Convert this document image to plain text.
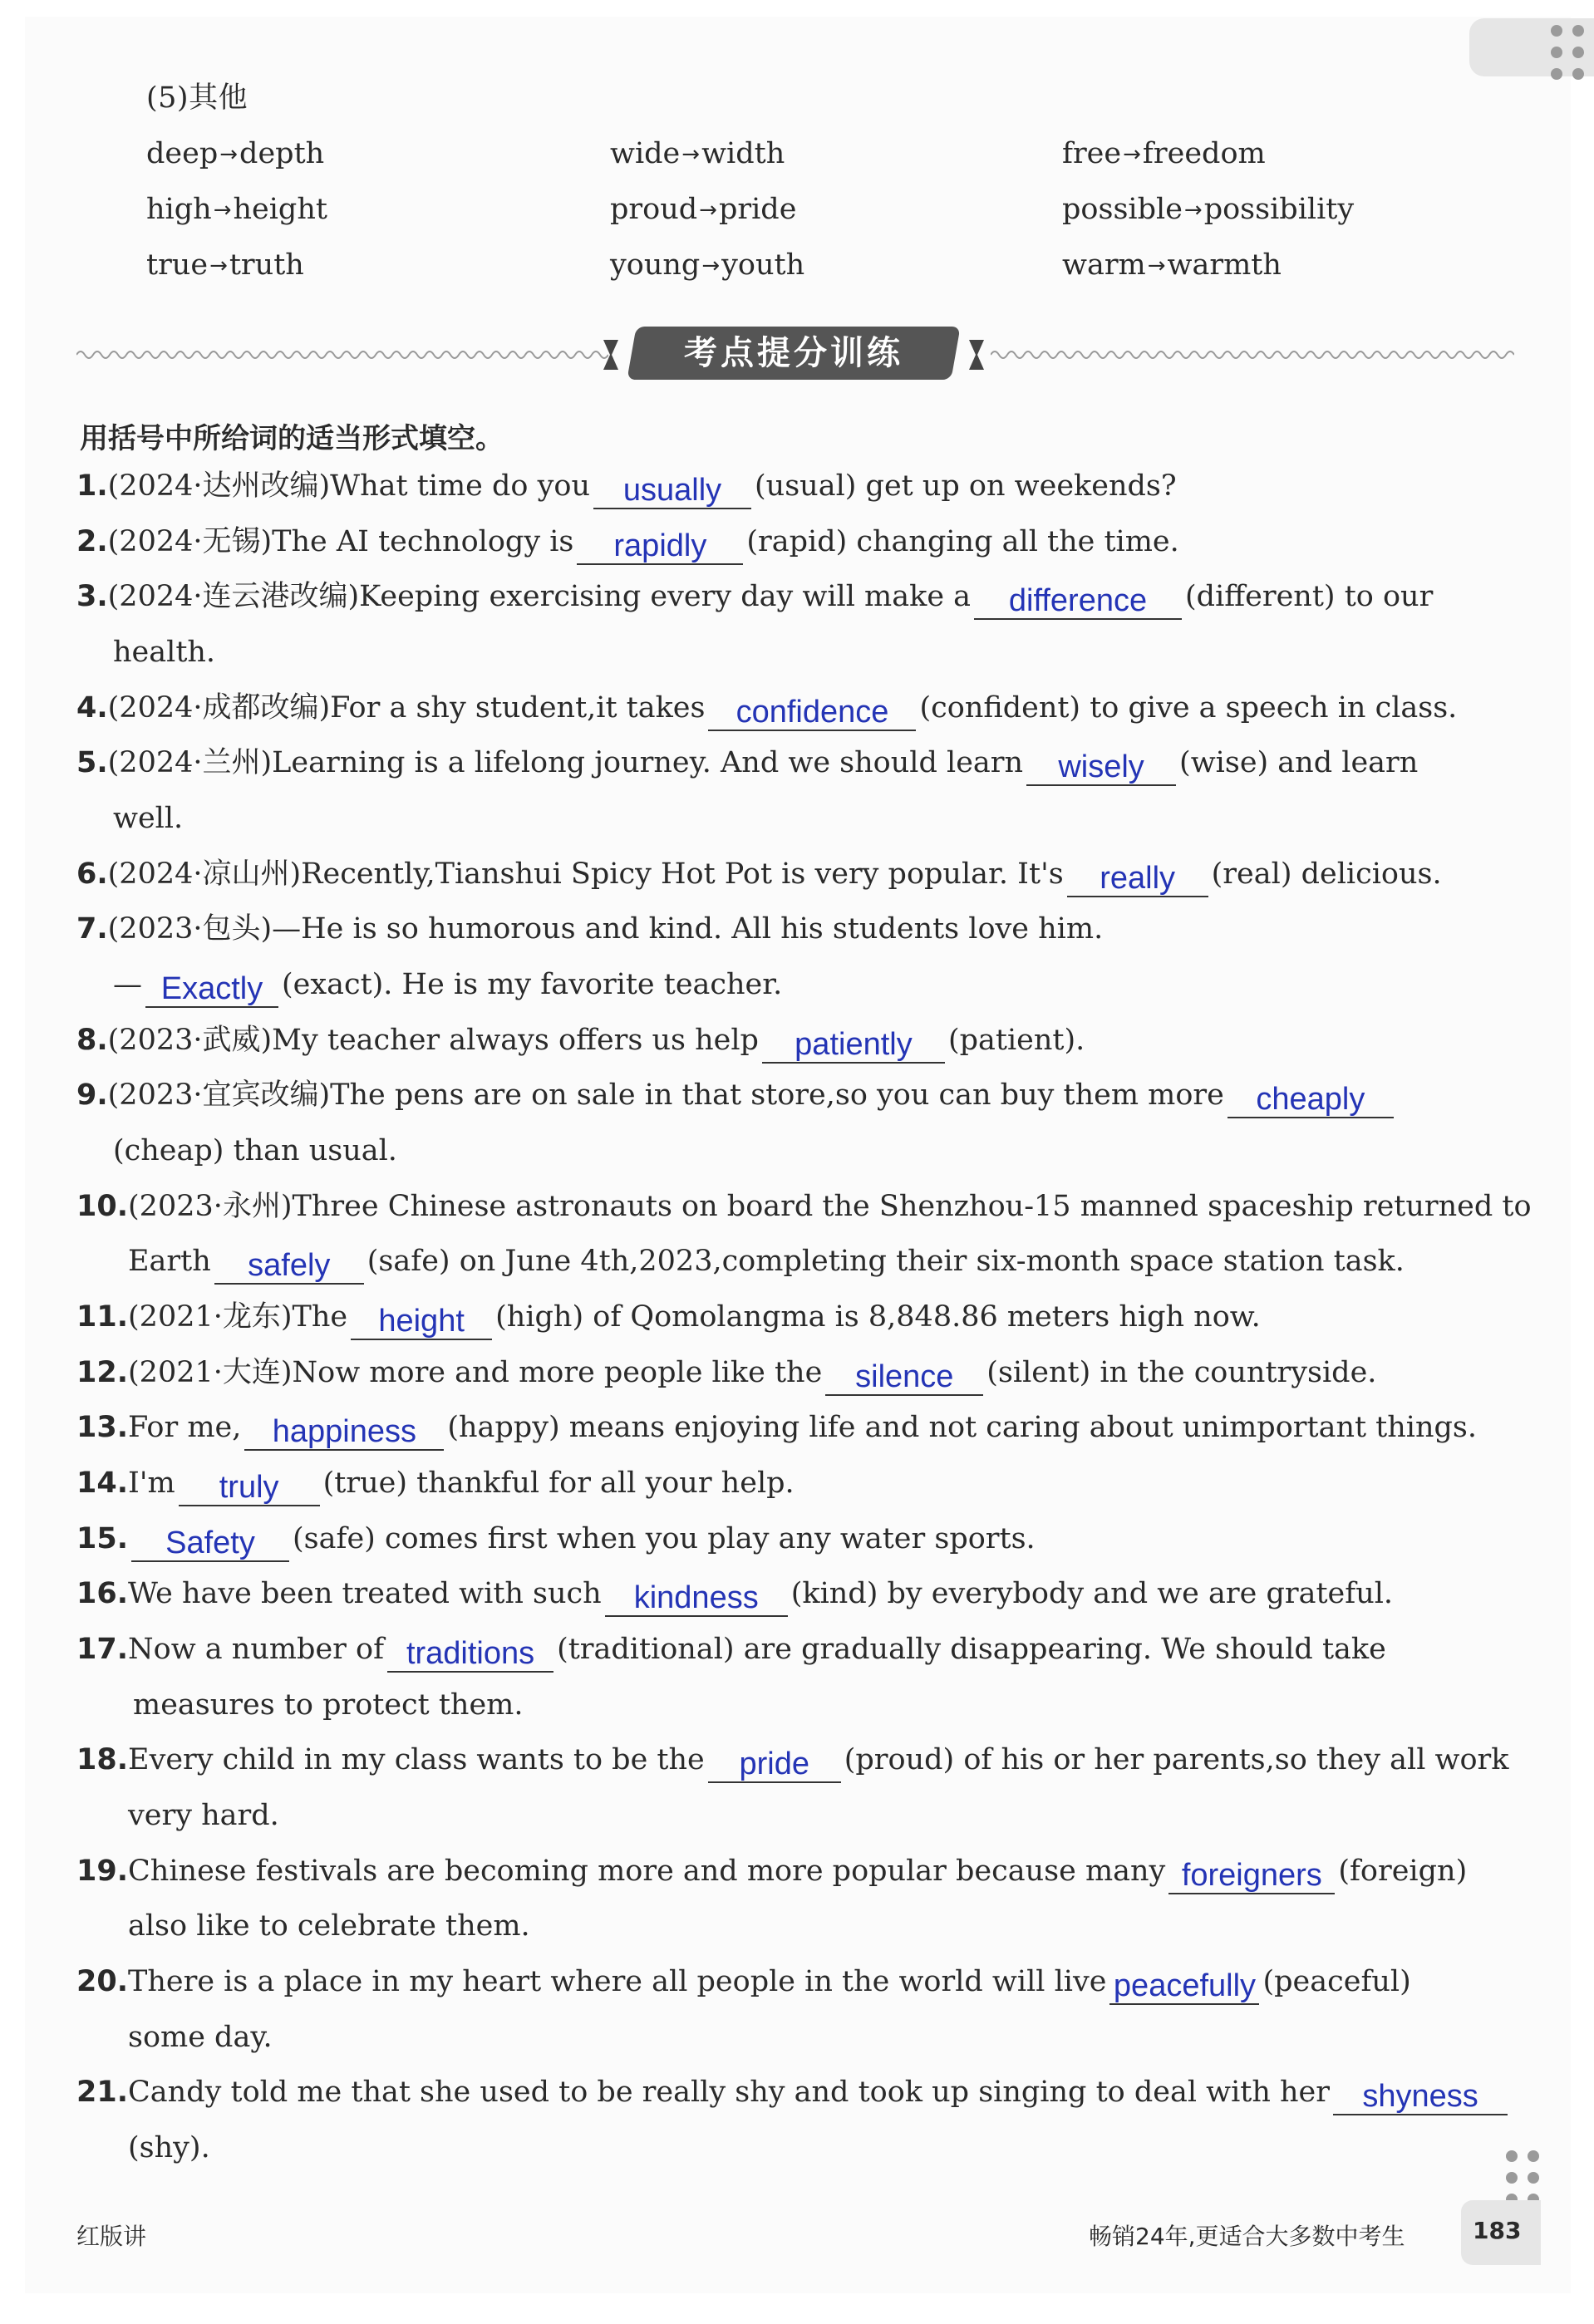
(5)其他
deep→depth	wide→width	free→freedom
high→height	proud→pride	possible→possibility
true→truth	young→youth	warm→warmth
考点提分训练
用括号中所给词的适当形式填空。
1.(2024·达州改编)What time do you usually (usual) get up on weekends?
2.(2024·无锡)The AI technology is rapidly (rapid) changing all the time.
3.(2024·连云港改编)Keeping exercising every day will make a difference (different) to our
health.
4.(2024·成都改编)For a shy student,it takes confidence (confident) to give a speech in class.
5.(2024·兰州)Learning is a lifelong journey. And we should learn wisely (wise) and learn
well.
6.(2024·凉山州)Recently,Tianshui Spicy Hot Pot is very popular. It's really (real) delicious.
7.(2023·包头)—He is so humorous and kind. All his students love him.
— Exactly (exact). He is my favorite teacher.
8.(2023·武威)My teacher always offers us help patiently (patient).
9.(2023·宜宾改编)The pens are on sale in that store,so you can buy them more cheaply
(cheap) than usual.
10.(2023·永州)Three Chinese astronauts on board the Shenzhou-15 manned spaceship returned to
Earth safely (safe) on June 4th,2023,completing their six-month space station task.
11.(2021·龙东)The height (high) of Qomolangma is 8,848.86 meters high now.
12.(2021·大连)Now more and more people like the silence (silent) in the countryside.
13.For me, happiness (happy) means enjoying life and not caring about unimportant things.
14.I'm truly (true) thankful for all your help.
15. Safety (safe) comes first when you play any water sports.
16.We have been treated with such kindness (kind) by everybody and we are grateful.
17.Now a number of traditions (traditional) are gradually disappearing. We should take
measures to protect them.
18.Every child in my class wants to be the pride (proud) of his or her parents,so they all work
very hard.
19.Chinese festivals are becoming more and more popular because many foreigners (foreign)
also like to celebrate them.
20.There is a place in my heart where all people in the world will live peacefully (peaceful)
some day.
21.Candy told me that she used to be really shy and took up singing to deal with her shyness
(shy).
红版讲	畅销24年,更适合大多数中考生	183
